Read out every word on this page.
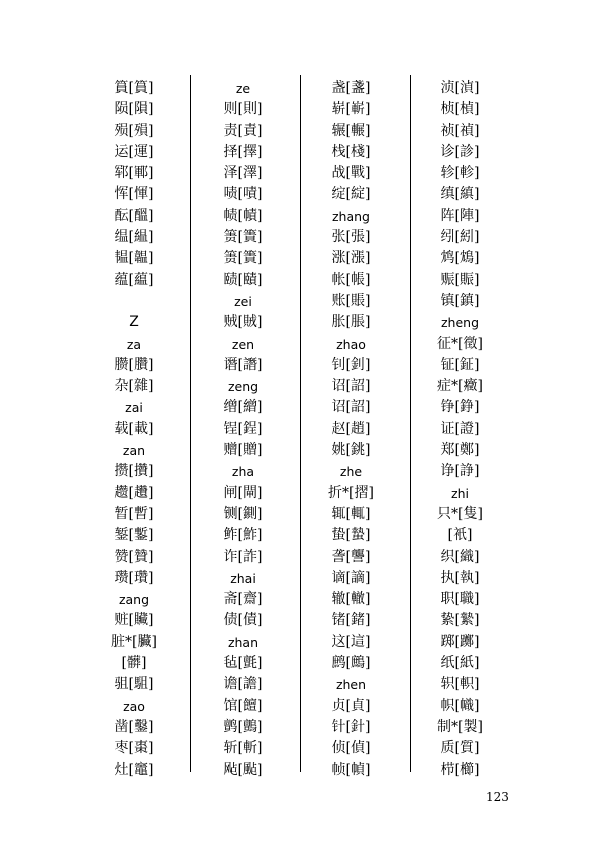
篔[篔]
陨[隕]
殒[殞]
运[運]
郓[鄆]
恽[惲]
酝[醞]
缊[緼]
韫[韞]
蕴[藴]
Z
za
臜[臢]
杂[雜]
zai
载[載]
zan
攒[攢]
趱[趲]
暂[暫]
錾[鏨]
赞[贊]
瓒[瓚]
zang
赃[贜]
脏*[臟]
[髒]
驵[駔]
zao
凿[鑿]
枣[棗]
灶[竈]
ze
则[則]
责[責]
择[擇]
泽[澤]
啧[嘖]
帻[幘]
箦[簀]
箦[簀]
赜[賾]
zei
贼[賊]
zen
谮[譖]
zeng
缯[繒]
锃[鋥]
赠[贈]
zha
闸[閘]
铡[鍘]
鲊[鮓]
诈[詐]
zhai
斋[齋]
债[債]
zhan
毡[氈]
谵[譫]
馆[饘]
鹯[鸇]
斩[斬]
飐[颭]
盏[盞]
崭[嶄]
辗[輾]
栈[棧]
战[戰]
绽[綻]
zhang
张[張]
涨[漲]
帐[帳]
账[賬]
胀[脹]
zhao
钊[釗]
诏[詔]
诏[詔]
赵[趙]
姚[銚]
zhe
折*[摺]
辄[輒]
蛰[蟄]
詟[讋]
谪[謫]
辙[轍]
锗[鍺]
这[這]
鹧[鷓]
zhen
贞[貞]
针[針]
侦[偵]
帧[幀]
浈[湞]
桢[楨]
祯[禎]
诊[診]
轸[軫]
缜[縝]
阵[陣]
纼[紖]
鸩[鴆]
赈[賑]
镇[鎮]
zheng
征*[徵]
钲[鉦]
症*[癥]
铮[錚]
证[證]
郑[鄭]
诤[諍]
zhi
只*[隻]
[衹]
织[織]
执[執]
职[職]
絷[縶]
踯[躑]
纸[紙]
轵[軹]
帜[幟]
制*[製]
质[質]
栉[櫛]
123
